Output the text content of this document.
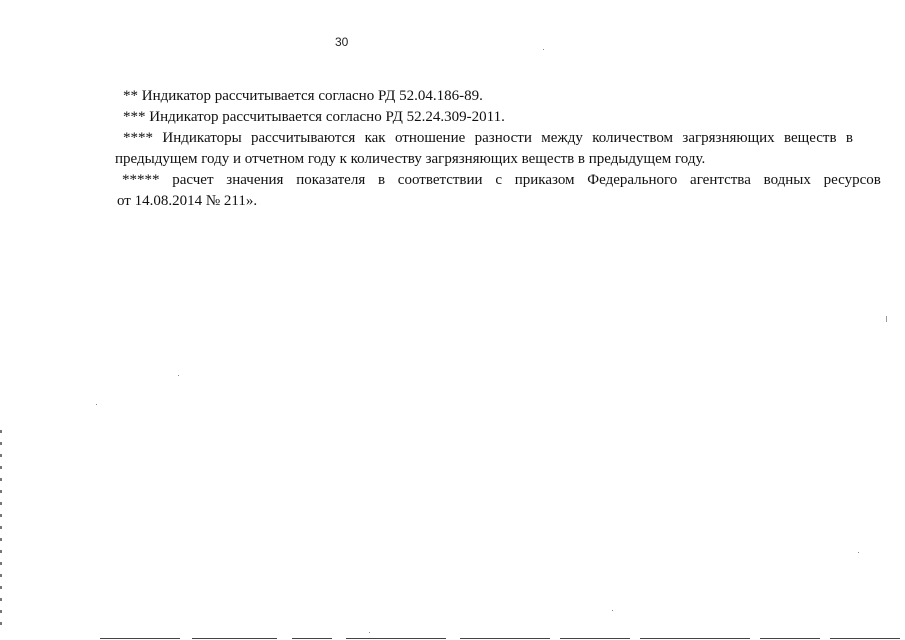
30
** Индикатор рассчитывается согласно РД 52.04.186-89.
*** Индикатор рассчитывается согласно РД 52.24.309-2011.
**** Индикаторы рассчитываются как отношение разности между количеством загрязняющих веществ в
предыдущем году и отчетном году к количеству загрязняющих веществ в предыдущем году.
***** расчет значения показателя в соответствии с приказом Федерального агентства водных ресурсов
от 14.08.2014 № 211».
